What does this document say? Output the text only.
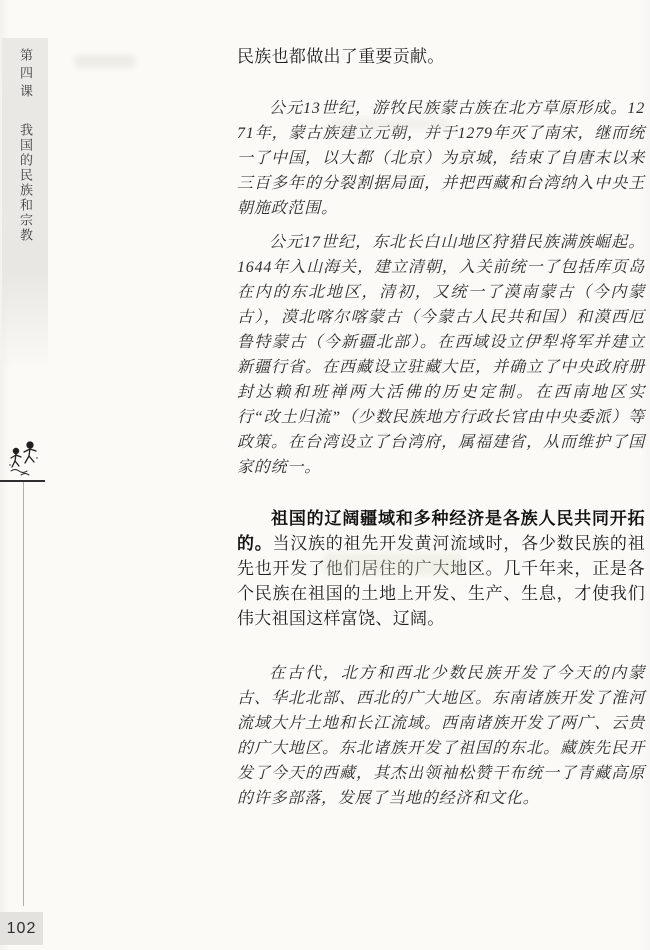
第四课我国的民族和宗教
102

民族也都做出了重要贡献。

公元13世纪，游牧民族蒙古族在北方草原形成。1271年，蒙古族建立元朝，并于1279年灭了南宋，继而统一了中国，以大都（北京）为京城，结束了自唐末以来三百多年的分裂割据局面，并把西藏和台湾纳入中央王朝施政范围。

公元17世纪，东北长白山地区狩猎民族满族崛起。1644年入山海关，建立清朝，入关前统一了包括库页岛在内的东北地区，清初，又统一了漠南蒙古（今内蒙古），漠北喀尔喀蒙古（今蒙古人民共和国）和漠西厄鲁特蒙古（今新疆北部）。在西域设立伊犁将军并建立新疆行省。在西藏设立驻藏大臣，并确立了中央政府册封达赖和班禅两大活佛的历史定制。在西南地区实行“改土归流”（少数民族地方行政长官由中央委派）等政策。在台湾设立了台湾府，属福建省，从而维护了国家的统一。

祖国的辽阔疆域和多种经济是各族人民共同开拓的。当汉族的祖先开发黄河流域时，各少数民族的祖先也开发了他们居住的广大地区。几千年来，正是各个民族在祖国的土地上开发、生产、生息，才使我们伟大祖国这样富饶、辽阔。

在古代，北方和西北少数民族开发了今天的内蒙古、华北北部、西北的广大地区。东南诸族开发了淮河流域大片土地和长江流域。西南诸族开发了两广、云贵的广大地区。东北诸族开发了祖国的东北。藏族先民开发了今天的西藏，其杰出领袖松赞干布统一了青藏高原的许多部落，发展了当地的经济和文化。
